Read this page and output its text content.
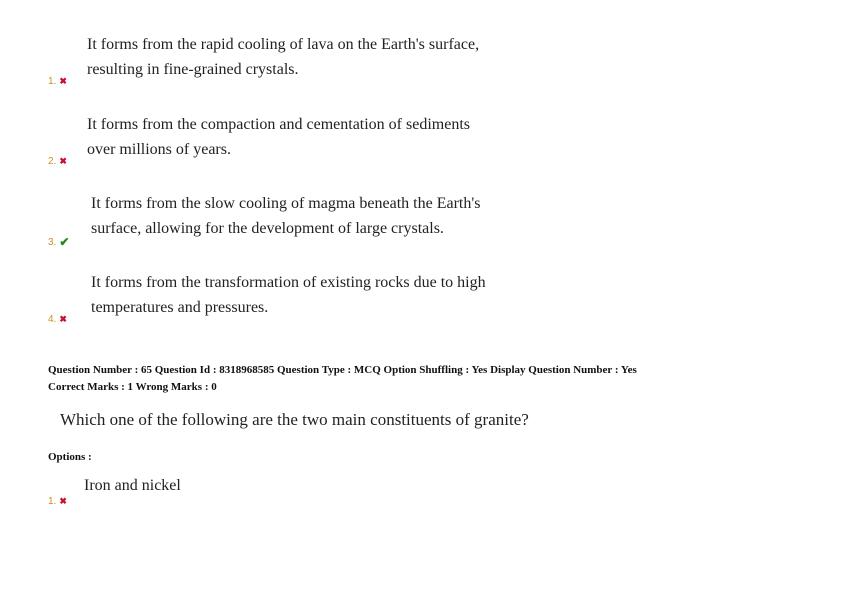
It forms from the rapid cooling of lava on the Earth's surface,
resulting in fine-grained crystals.
1. ✖
It forms from the compaction and cementation of sediments
over millions of years.
2. ✖
It forms from the slow cooling of magma beneath the Earth's
surface, allowing for the development of large crystals.
3. ✔
It forms from the transformation of existing rocks due to high
temperatures and pressures.
4. ✖
Question Number : 65 Question Id : 8318968585 Question Type : MCQ Option Shuffling : Yes Display Question Number : Yes
Correct Marks : 1 Wrong Marks : 0
Which one of the following are the two main constituents of granite?
Options :
Iron and nickel
1. ✖
